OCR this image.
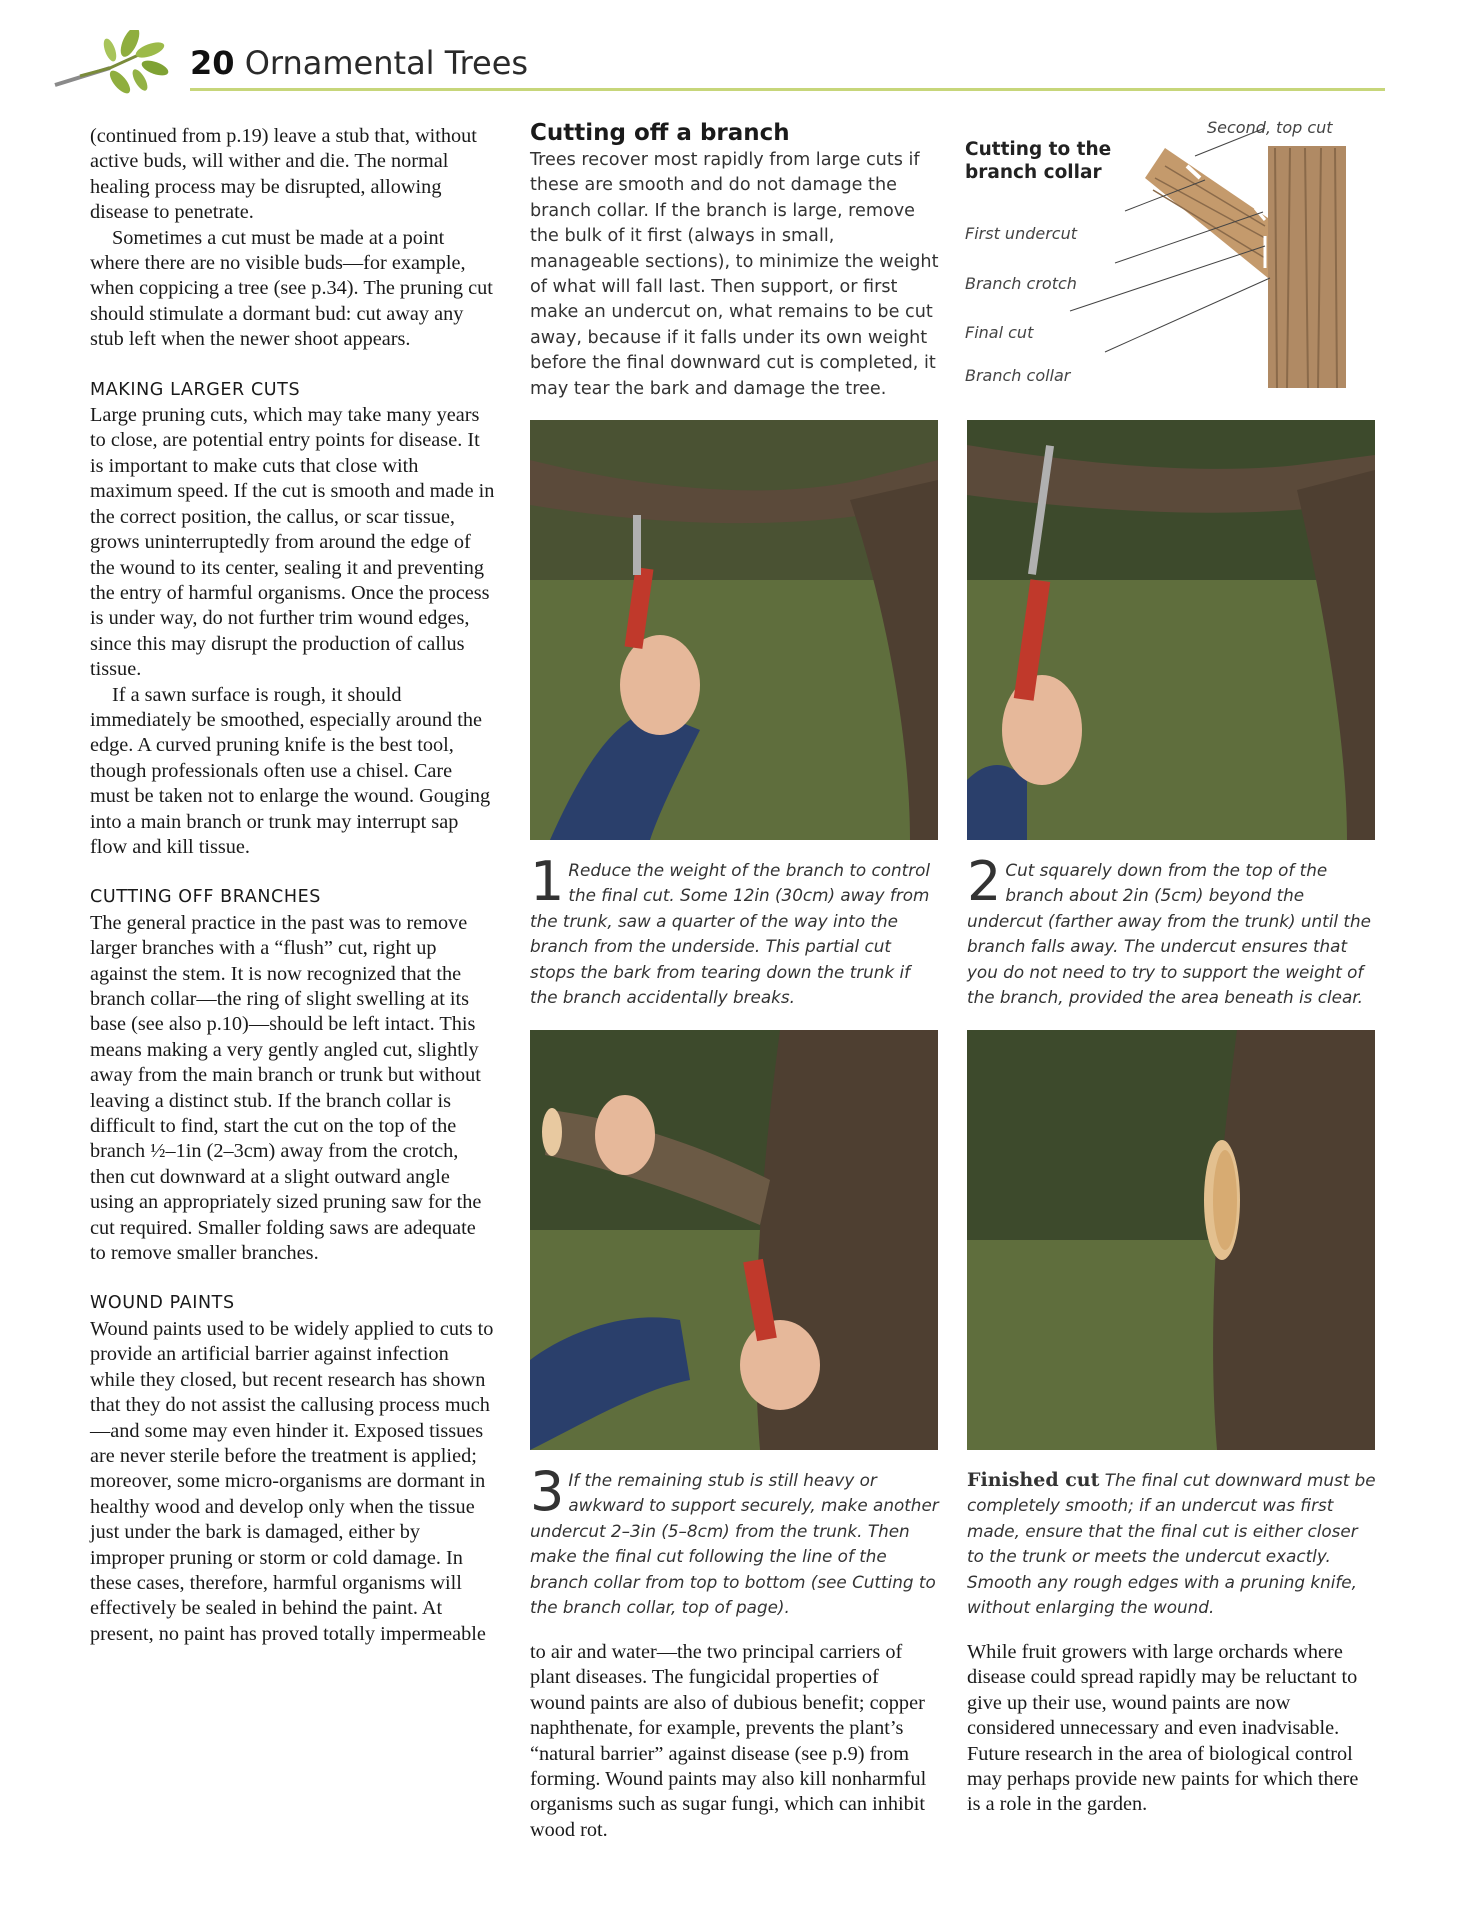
20 Ornamental Trees

(continued from p.19) leave a stub that, without active buds, will wither and die. The normal healing process may be disrupted, allowing disease to penetrate.

Sometimes a cut must be made at a point where there are no visible buds—for example, when coppicing a tree (see p.34). The pruning cut should stimulate a dormant bud: cut away any stub left when the newer shoot appears.

MAKING LARGER CUTS

Large pruning cuts, which may take many years to close, are potential entry points for disease. It is important to make cuts that close with maximum speed. If the cut is smooth and made in the correct position, the callus, or scar tissue, grows uninterruptedly from around the edge of the wound to its center, sealing it and preventing the entry of harmful organisms. Once the process is under way, do not further trim wound edges, since this may disrupt the production of callus tissue.

If a sawn surface is rough, it should immediately be smoothed, especially around the edge. A curved pruning knife is the best tool, though professionals often use a chisel. Care must be taken not to enlarge the wound. Gouging into a main branch or trunk may interrupt sap flow and kill tissue.

CUTTING OFF BRANCHES

The general practice in the past was to remove larger branches with a “flush” cut, right up against the stem. It is now recognized that the branch collar—the ring of slight swelling at its base (see also p.10)—should be left intact. This means making a very gently angled cut, slightly away from the main branch or trunk but without leaving a distinct stub. If the branch collar is difficult to find, start the cut on the top of the branch ½–1in (2–3cm) away from the crotch, then cut downward at a slight outward angle using an appropriately sized pruning saw for the cut required. Smaller folding saws are adequate to remove smaller branches.

WOUND PAINTS

Wound paints used to be widely applied to cuts to provide an artificial barrier against infection while they closed, but recent research has shown that they do not assist the callusing process much—and some may even hinder it. Exposed tissues are never sterile before the treatment is applied; moreover, some micro-organisms are dormant in healthy wood and develop only when the tissue just under the bark is damaged, either by improper pruning or storm or cold damage. In these cases, therefore, harmful organisms will effectively be sealed in behind the paint. At present, no paint has proved totally impermeable

Cutting off a branch
Trees recover most rapidly from large cuts if these are smooth and do not damage the branch collar. If the branch is large, remove the bulk of it first (always in small, manageable sections), to minimize the weight of what will fall last. Then support, or first make an undercut on, what remains to be cut away, because if it falls under its own weight before the final downward cut is completed, it may tear the bark and damage the tree.
Cutting to the branch collar
Second, top cut
First undercut
Branch crotch
Final cut
Branch collar
1 Reduce the weight of the branch to control the final cut. Some 12in (30cm) away from the trunk, saw a quarter of the way into the branch from the underside. This partial cut stops the bark from tearing down the trunk if the branch accidentally breaks.
2 Cut squarely down from the top of the branch about 2in (5cm) beyond the undercut (farther away from the trunk) until the branch falls away. The undercut ensures that you do not need to try to support the weight of the branch, provided the area beneath is clear.
3 If the remaining stub is still heavy or awkward to support securely, make another undercut 2–3in (5–8cm) from the trunk. Then make the final cut following the line of the branch collar from top to bottom (see Cutting to the branch collar, top of page).
Finished cut The final cut downward must be completely smooth; if an undercut was first made, ensure that the final cut is either closer to the trunk or meets the undercut exactly. Smooth any rough edges with a pruning knife, without enlarging the wound.
to air and water—the two principal carriers of plant diseases. The fungicidal properties of wound paints are also of dubious benefit; copper naphthenate, for example, prevents the plant’s “natural barrier” against disease (see p.9) from forming. Wound paints may also kill nonharmful organisms such as sugar fungi, which can inhibit wood rot.
While fruit growers with large orchards where disease could spread rapidly may be reluctant to give up their use, wound paints are now considered unnecessary and even inadvisable. Future research in the area of biological control may perhaps provide new paints for which there is a role in the garden.
